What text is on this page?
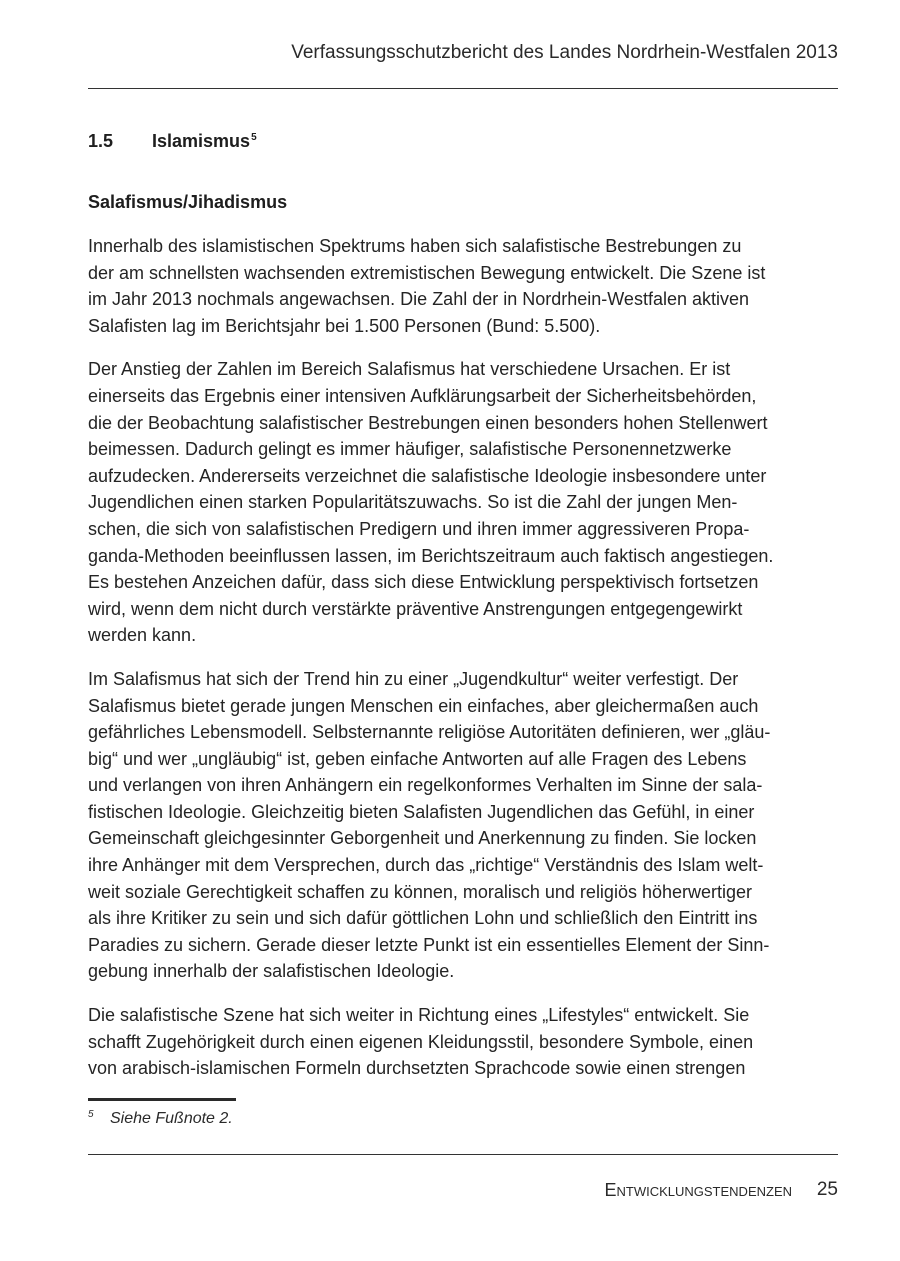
Verfassungsschutzbericht des Landes Nordrhein-Westfalen 2013
1.5 Islamismus$^5$
Salafismus/Jihadismus
Innerhalb des islamistischen Spektrums haben sich salafistische Bestrebungen zu
der am schnellsten wachsenden extremistischen Bewegung entwickelt. Die Szene ist
im Jahr 2013 nochmals angewachsen. Die Zahl der in Nordrhein-Westfalen aktiven
Salafisten lag im Berichtsjahr bei 1.500 Personen (Bund: 5.500).
Der Anstieg der Zahlen im Bereich Salafismus hat verschiedene Ursachen. Er ist
einerseits das Ergebnis einer intensiven Aufklärungsarbeit der Sicherheitsbehörden,
die der Beobachtung salafistischer Bestrebungen einen besonders hohen Stellenwert
beimessen. Dadurch gelingt es immer häufiger, salafistische Personennetzwerke
aufzudecken. Andererseits verzeichnet die salafistische Ideologie insbesondere unter
Jugendlichen einen starken Popularitätszuwachs. So ist die Zahl der jungen Men-
schen, die sich von salafistischen Predigern und ihren immer aggressiveren Propa-
ganda-Methoden beeinflussen lassen, im Berichtszeitraum auch faktisch angestiegen.
Es bestehen Anzeichen dafür, dass sich diese Entwicklung perspektivisch fortsetzen
wird, wenn dem nicht durch verstärkte präventive Anstrengungen entgegengewirkt
werden kann.
Im Salafismus hat sich der Trend hin zu einer „Jugendkultur“ weiter verfestigt. Der
Salafismus bietet gerade jungen Menschen ein einfaches, aber gleichermaßen auch
gefährliches Lebensmodell. Selbsternannte religiöse Autoritäten definieren, wer „gläu-
big“ und wer „ungläubig“ ist, geben einfache Antworten auf alle Fragen des Lebens
und verlangen von ihren Anhängern ein regelkonformes Verhalten im Sinne der sala-
fistischen Ideologie. Gleichzeitig bieten Salafisten Jugendlichen das Gefühl, in einer
Gemeinschaft gleichgesinnter Geborgenheit und Anerkennung zu finden. Sie locken
ihre Anhänger mit dem Versprechen, durch das „richtige“ Verständnis des Islam welt-
weit soziale Gerechtigkeit schaffen zu können, moralisch und religiös höherwertiger
als ihre Kritiker zu sein und sich dafür göttlichen Lohn und schließlich den Eintritt ins
Paradies zu sichern. Gerade dieser letzte Punkt ist ein essentielles Element der Sinn-
gebung innerhalb der salafistischen Ideologie.
Die salafistische Szene hat sich weiter in Richtung eines „Lifestyles“ entwickelt. Sie
schafft Zugehörigkeit durch einen eigenen Kleidungsstil, besondere Symbole, einen
von arabisch-islamischen Formeln durchsetzten Sprachcode sowie einen strengen
5 Siehe Fußnote 2.
Entwicklungstendenzen 25
